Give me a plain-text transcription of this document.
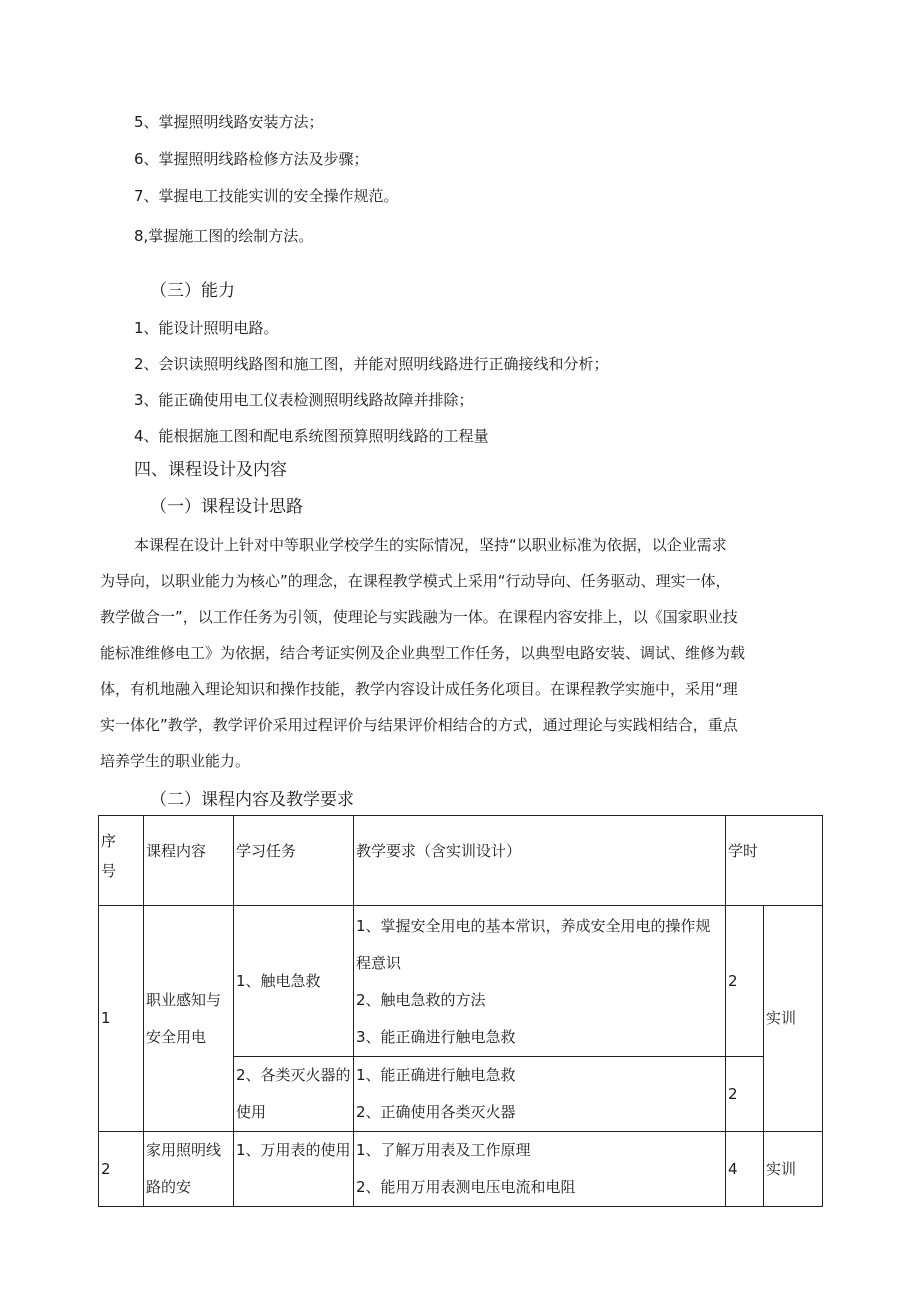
5、掌握照明线路安装方法；
6、掌握照明线路检修方法及步骤；
7、掌握电工技能实训的安全操作规范。
8,掌握施工图的绘制方法。
（三）能力
1、能设计照明电路。
2、会识读照明线路图和施工图，并能对照明线路进行正确接线和分析；
3、能正确使用电工仪表检测照明线路故障并排除；
4、能根据施工图和配电系统图预算照明线路的工程量
四、课程设计及内容
（一）课程设计思路
本课程在设计上针对中等职业学校学生的实际情况，坚持“以职业标准为依据，以企业需求
为导向，以职业能力为核心”的理念，在课程教学模式上采用“行动导向、任务驱动、理实一体，
教学做合一”，以工作任务为引领，使理论与实践融为一体。在课程内容安排上，以《国家职业技
能标准维修电工》为依据，结合考证实例及企业典型工作任务，以典型电路安装、调试、维修为载
体，有机地融入理论知识和操作技能，教学内容设计成任务化项目。在课程教学实施中，采用“理
实一体化”教学，教学评价采用过程评价与结果评价相结合的方式，通过理论与实践相结合，重点
培养学生的职业能力。
（二）课程内容及教学要求
序
号	课程内容	学习任务	教学要求（含实训设计）	学时	
1	职业感知与安全用电	1、触电急救	1、掌握安全用电的基本常识，养成安全用电的操作规程意识
2、触电急救的方法
3、能正确进行触电急救	2	实训
		2、各类灭火器的使用	1、能正确进行触电急救
2、正确使用各类灭火器	2	
2	家用照明线路的安	1、万用表的使用	1、了解万用表及工作原理
2、能用万用表测电压电流和电阻	4	实训
